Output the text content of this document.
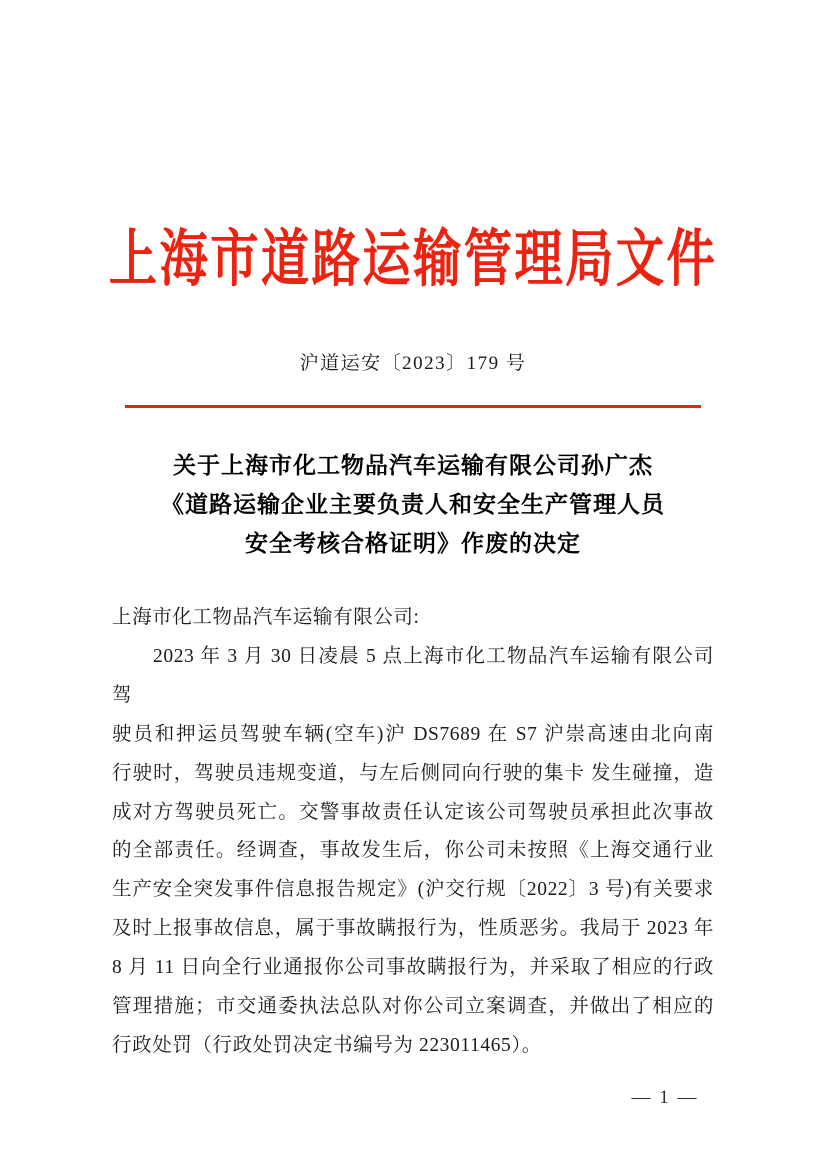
上海市道路运输管理局文件
沪道运安〔2023〕179 号
关于上海市化工物品汽车运输有限公司孙广杰
《道路运输企业主要负责人和安全生产管理人员
安全考核合格证明》作废的决定
上海市化工物品汽车运输有限公司:
2023 年 3 月 30 日凌晨 5 点上海市化工物品汽车运输有限公司驾
驶员和押运员驾驶车辆(空车)沪 DS7689 在 S7 沪崇高速由北向南
行驶时，驾驶员违规变道，与左后侧同向行驶的集卡 发生碰撞，造
成对方驾驶员死亡。交警事故责任认定该公司驾驶员承担此次事故
的全部责任。经调查，事故发生后，你公司未按照《上海交通行业
生产安全突发事件信息报告规定》(沪交行规〔2022〕3 号)有关要求
及时上报事故信息，属于事故瞒报行为，性质恶劣。我局于 2023 年
8 月 11 日向全行业通报你公司事故瞒报行为，并采取了相应的行政
管理措施；市交通委执法总队对你公司立案调查，并做出了相应的
行政处罚（行政处罚决定书编号为 223011465）。
— 1 —
